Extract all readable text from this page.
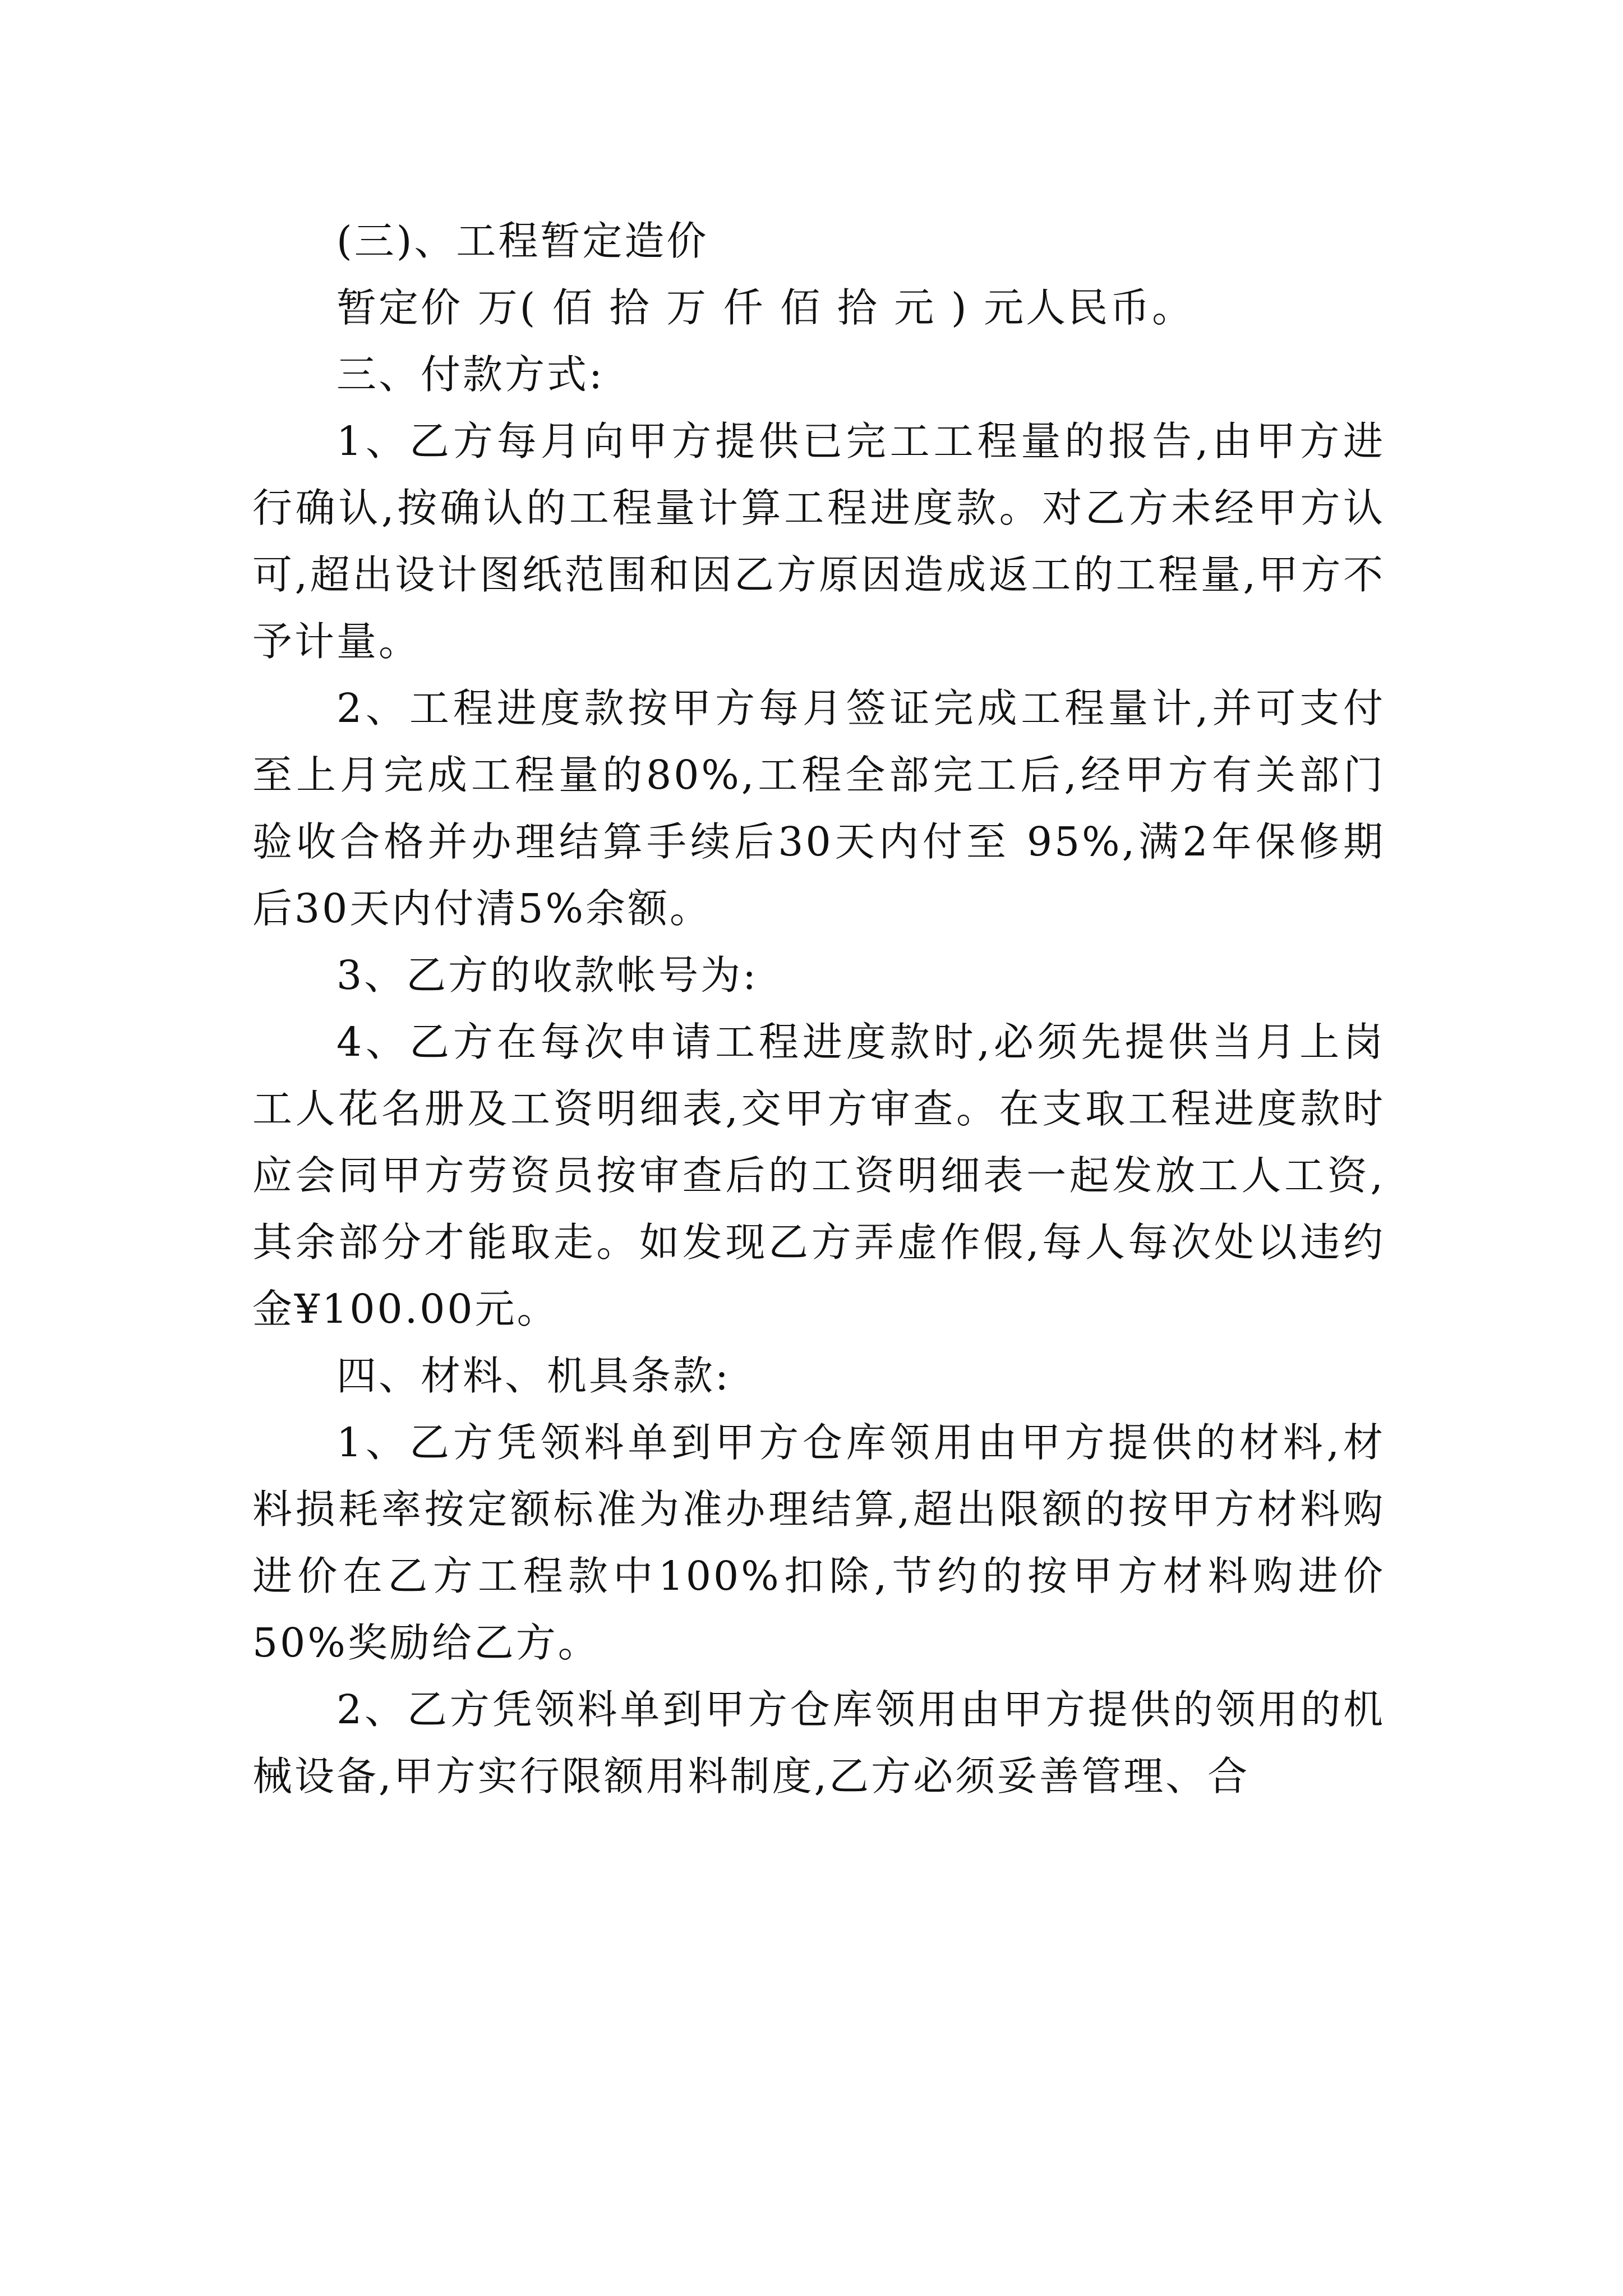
(三)、工程暂定造价

暂定价 万( 佰 拾 万 仟 佰 拾 元 ) 元人民币。

三、付款方式:

1、乙方每月向甲方提供已完工工程量的报告,由甲方进行确认,按确认的工程量计算工程进度款。对乙方未经甲方认可,超出设计图纸范围和因乙方原因造成返工的工程量,甲方不予计量。

2、工程进度款按甲方每月签证完成工程量计,并可支付至上月完成工程量的80%,工程全部完工后,经甲方有关部门验收合格并办理结算手续后30天内付至 95%,满2年保修期后30天内付清5%余额。

3、乙方的收款帐号为:

4、乙方在每次申请工程进度款时,必须先提供当月上岗工人花名册及工资明细表,交甲方审查。在支取工程进度款时应会同甲方劳资员按审查后的工资明细表一起发放工人工资,其余部分才能取走。如发现乙方弄虚作假,每人每次处以违约金¥100.00元。

四、材料、机具条款:

1、乙方凭领料单到甲方仓库领用由甲方提供的材料,材料损耗率按定额标准为准办理结算,超出限额的按甲方材料购进价在乙方工程款中100%扣除,节约的按甲方材料购进价50%奖励给乙方。

2、乙方凭领料单到甲方仓库领用由甲方提供的领用的机械设备,甲方实行限额用料制度,乙方必须妥善管理、合
